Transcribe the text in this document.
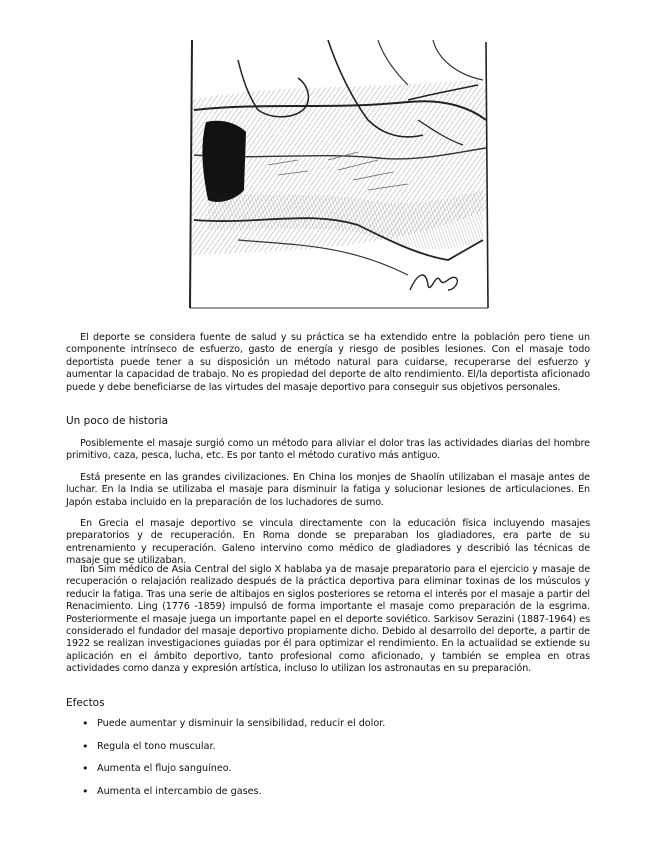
El deporte se considera fuente de salud y su práctica se ha extendido entre la población pero tiene un componente intrínseco de esfuerzo, gasto de energía y riesgo de posibles lesiones. Con el masaje todo deportista puede tener a su disposición un método natural para cuidarse, recuperarse del esfuerzo y aumentar la capacidad de trabajo. No es propiedad del deporte de alto rendimiento. El/la deportista aficionado puede y debe beneficiarse de las virtudes del masaje deportivo para conseguir sus objetivos personales.

Un poco de historia

Posiblemente el masaje surgió como un método para aliviar el dolor tras las actividades diarias del hombre primitivo, caza, pesca, lucha, etc. Es por tanto el método curativo más antiguo.

Está presente en las grandes civilizaciones. En China los monjes de Shaolín utilizaban el masaje antes de luchar. En la India se utilizaba el masaje para disminuir la fatiga y solucionar lesiones de articulaciones. En Japón estaba incluido en la preparación de los luchadores de sumo.

En Grecia el masaje deportivo se vincula directamente con la educación física incluyendo masajes preparatorios y de recuperación. En Roma donde se preparaban los gladiadores, era parte de su entrenamiento y recuperación. Galeno intervino como médico de gladiadores y describió las técnicas de masaje que se utilizaban.

Ibn Sim médico de Asia Central del siglo X hablaba ya de masaje preparatorio para el ejercicio y masaje de recuperación o relajación realizado después de la práctica deportiva para eliminar toxinas de los músculos y reducir la fatiga. Tras una serie de altibajos en siglos posteriores se retoma el interés por el masaje a partir del Renacimiento. Ling (1776 -1859) impulsó de forma importante el masaje como preparación de la esgrima. Posteriormente el masaje juega un importante papel en el deporte soviético. Sarkisov Serazini (1887-1964) es considerado el fundador del masaje deportivo propiamente dicho. Debido al desarrollo del deporte, a partir de 1922 se realizan investigaciones guiadas por él para optimizar el rendimiento. En la actualidad se extiende su aplicación en el ámbito deportivo, tanto profesional como aficionado, y también se emplea en otras actividades como danza y expresión artística, incluso lo utilizan los astronautas en su preparación.

Efectos
• Puede aumentar y disminuir la sensibilidad, reducir el dolor.
• Regula el tono muscular.
• Aumenta el flujo sanguíneo.
• Aumenta el intercambio de gases.
